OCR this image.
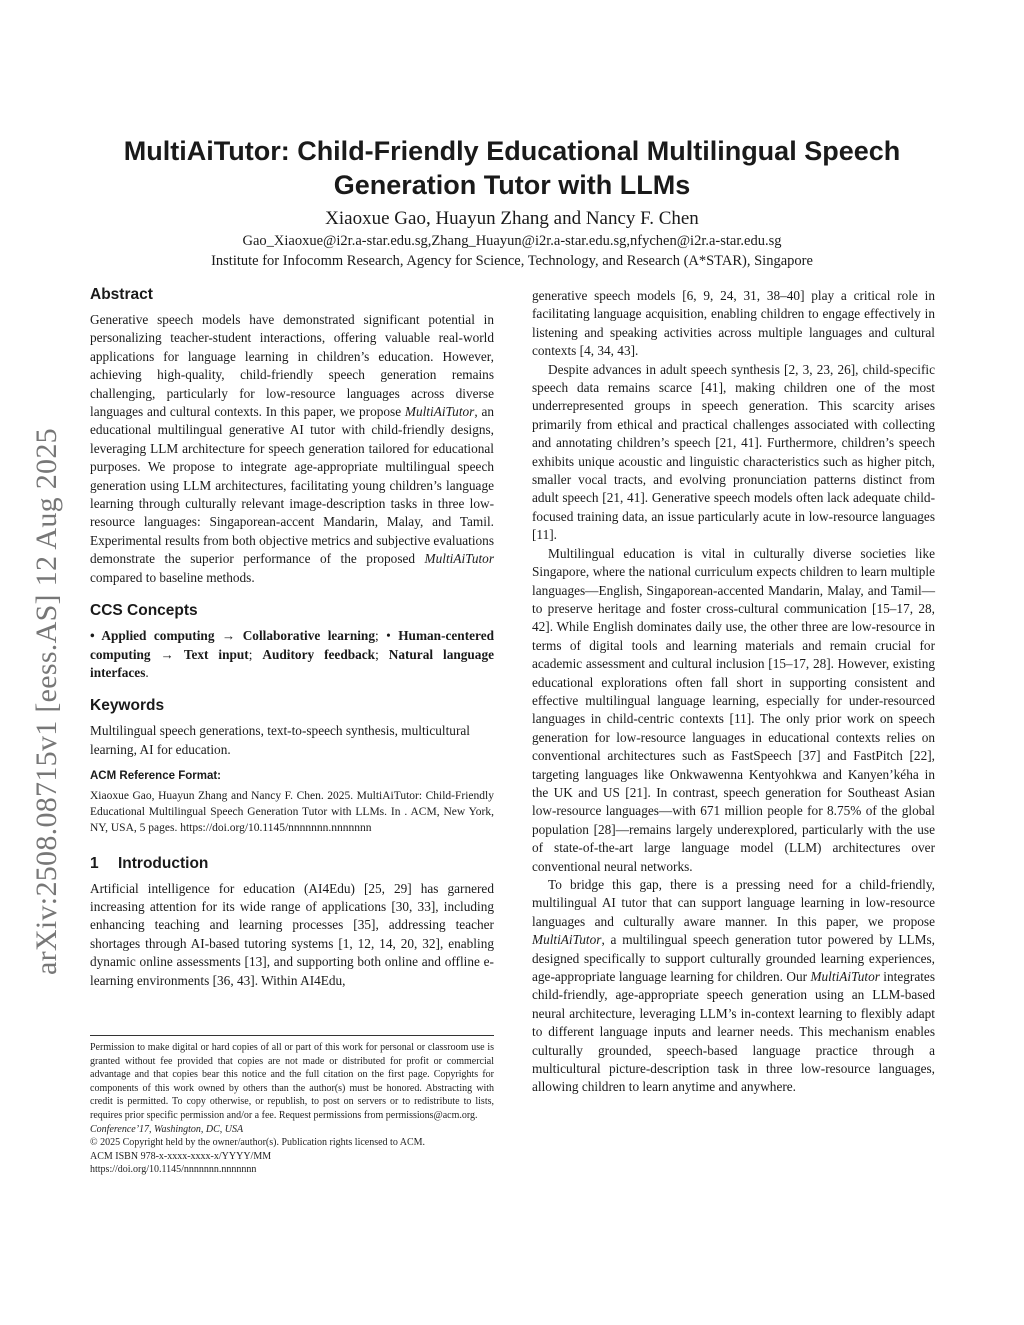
arXiv:2508.08715v1 [eess.AS] 12 Aug 2025
MultiAiTutor: Child-Friendly Educational Multilingual Speech Generation Tutor with LLMs

Xiaoxue Gao, Huayun Zhang and Nancy F. Chen

Gao_Xiaoxue@i2r.a-star.edu.sg,Zhang_Huayun@i2r.a-star.edu.sg,nfychen@i2r.a-star.edu.sg

Institute for Infocomm Research, Agency for Science, Technology, and Research (A*STAR), Singapore

Abstract

Generative speech models have demonstrated significant potential in personalizing teacher-student interactions, offering valuable real-world applications for language learning in children’s education. However, achieving high-quality, child-friendly speech generation remains challenging, particularly for low-resource languages across diverse languages and cultural contexts. In this paper, we propose MultiAiTutor, an educational multilingual generative AI tutor with child-friendly designs, leveraging LLM architecture for speech generation tailored for educational purposes. We propose to integrate age-appropriate multilingual speech generation using LLM architectures, facilitating young children’s language learning through culturally relevant image-description tasks in three low-resource languages: Singaporean-accent Mandarin, Malay, and Tamil. Experimental results from both objective metrics and subjective evaluations demonstrate the superior performance of the proposed MultiAiTutor compared to baseline methods.

CCS Concepts

• Applied computing → Collaborative learning; • Human-centered computing → Text input; Auditory feedback; Natural language interfaces.

Keywords

Multilingual speech generations, text-to-speech synthesis, multicultural learning, AI for education.

ACM Reference Format:

Xiaoxue Gao, Huayun Zhang and Nancy F. Chen. 2025. MultiAiTutor: Child-Friendly Educational Multilingual Speech Generation Tutor with LLMs. In . ACM, New York, NY, USA, 5 pages. https://doi.org/10.1145/nnnnnnn.nnnnnnn

1 Introduction

Artificial intelligence for education (AI4Edu) [25, 29] has garnered increasing attention for its wide range of applications [30, 33], including enhancing teaching and learning processes [35], addressing teacher shortages through AI-based tutoring systems [1, 12, 14, 20, 32], enabling dynamic online assessments [13], and supporting both online and offline e-learning environments [36, 43]. Within AI4Edu,

Permission to make digital or hard copies of all or part of this work for personal or classroom use is granted without fee provided that copies are not made or distributed for profit or commercial advantage and that copies bear this notice and the full citation on the first page. Copyrights for components of this work owned by others than the author(s) must be honored. Abstracting with credit is permitted. To copy otherwise, or republish, to post on servers or to redistribute to lists, requires prior specific permission and/or a fee. Request permissions from permissions@acm.org.

Conference’17, Washington, DC, USA

© 2025 Copyright held by the owner/author(s). Publication rights licensed to ACM.

ACM ISBN 978-x-xxxx-xxxx-x/YYYY/MM

https://doi.org/10.1145/nnnnnnn.nnnnnnn

generative speech models [6, 9, 24, 31, 38–40] play a critical role in facilitating language acquisition, enabling children to engage effectively in listening and speaking activities across multiple languages and cultural contexts [4, 34, 43].

Despite advances in adult speech synthesis [2, 3, 23, 26], child-specific speech data remains scarce [41], making children one of the most underrepresented groups in speech generation. This scarcity arises primarily from ethical and practical challenges associated with collecting and annotating children’s speech [21, 41]. Furthermore, children’s speech exhibits unique acoustic and linguistic characteristics such as higher pitch, smaller vocal tracts, and evolving pronunciation patterns distinct from adult speech [21, 41]. Generative speech models often lack adequate child-focused training data, an issue particularly acute in low-resource languages [11].

Multilingual education is vital in culturally diverse societies like Singapore, where the national curriculum expects children to learn multiple languages—English, Singaporean-accented Mandarin, Malay, and Tamil—to preserve heritage and foster cross-cultural communication [15–17, 28, 42]. While English dominates daily use, the other three are low-resource in terms of digital tools and learning materials and remain crucial for academic assessment and cultural inclusion [15–17, 28]. However, existing educational explorations often fall short in supporting consistent and effective multilingual language learning, especially for under-resourced languages in child-centric contexts [11]. The only prior work on speech generation for low-resource languages in educational contexts relies on conventional architectures such as FastSpeech [37] and FastPitch [22], targeting languages like Onkwawenna Kentyohkwa and Kanyen’kéha in the UK and US [21]. In contrast, speech generation for Southeast Asian low-resource languages—with 671 million people for 8.75% of the global population [28]—remains largely underexplored, particularly with the use of state-of-the-art large language model (LLM) architectures over conventional neural networks.

To bridge this gap, there is a pressing need for a child-friendly, multilingual AI tutor that can support language learning in low-resource languages and culturally aware manner. In this paper, we propose MultiAiTutor, a multilingual speech generation tutor powered by LLMs, designed specifically to support culturally grounded learning experiences, age-appropriate language learning for children. Our MultiAiTutor integrates child-friendly, age-appropriate speech generation using an LLM-based neural architecture, leveraging LLM’s in-context learning to flexibly adapt to different language inputs and learner needs. This mechanism enables culturally grounded, speech-based language practice through a multicultural picture-description task in three low-resource languages, allowing children to learn anytime and anywhere.
